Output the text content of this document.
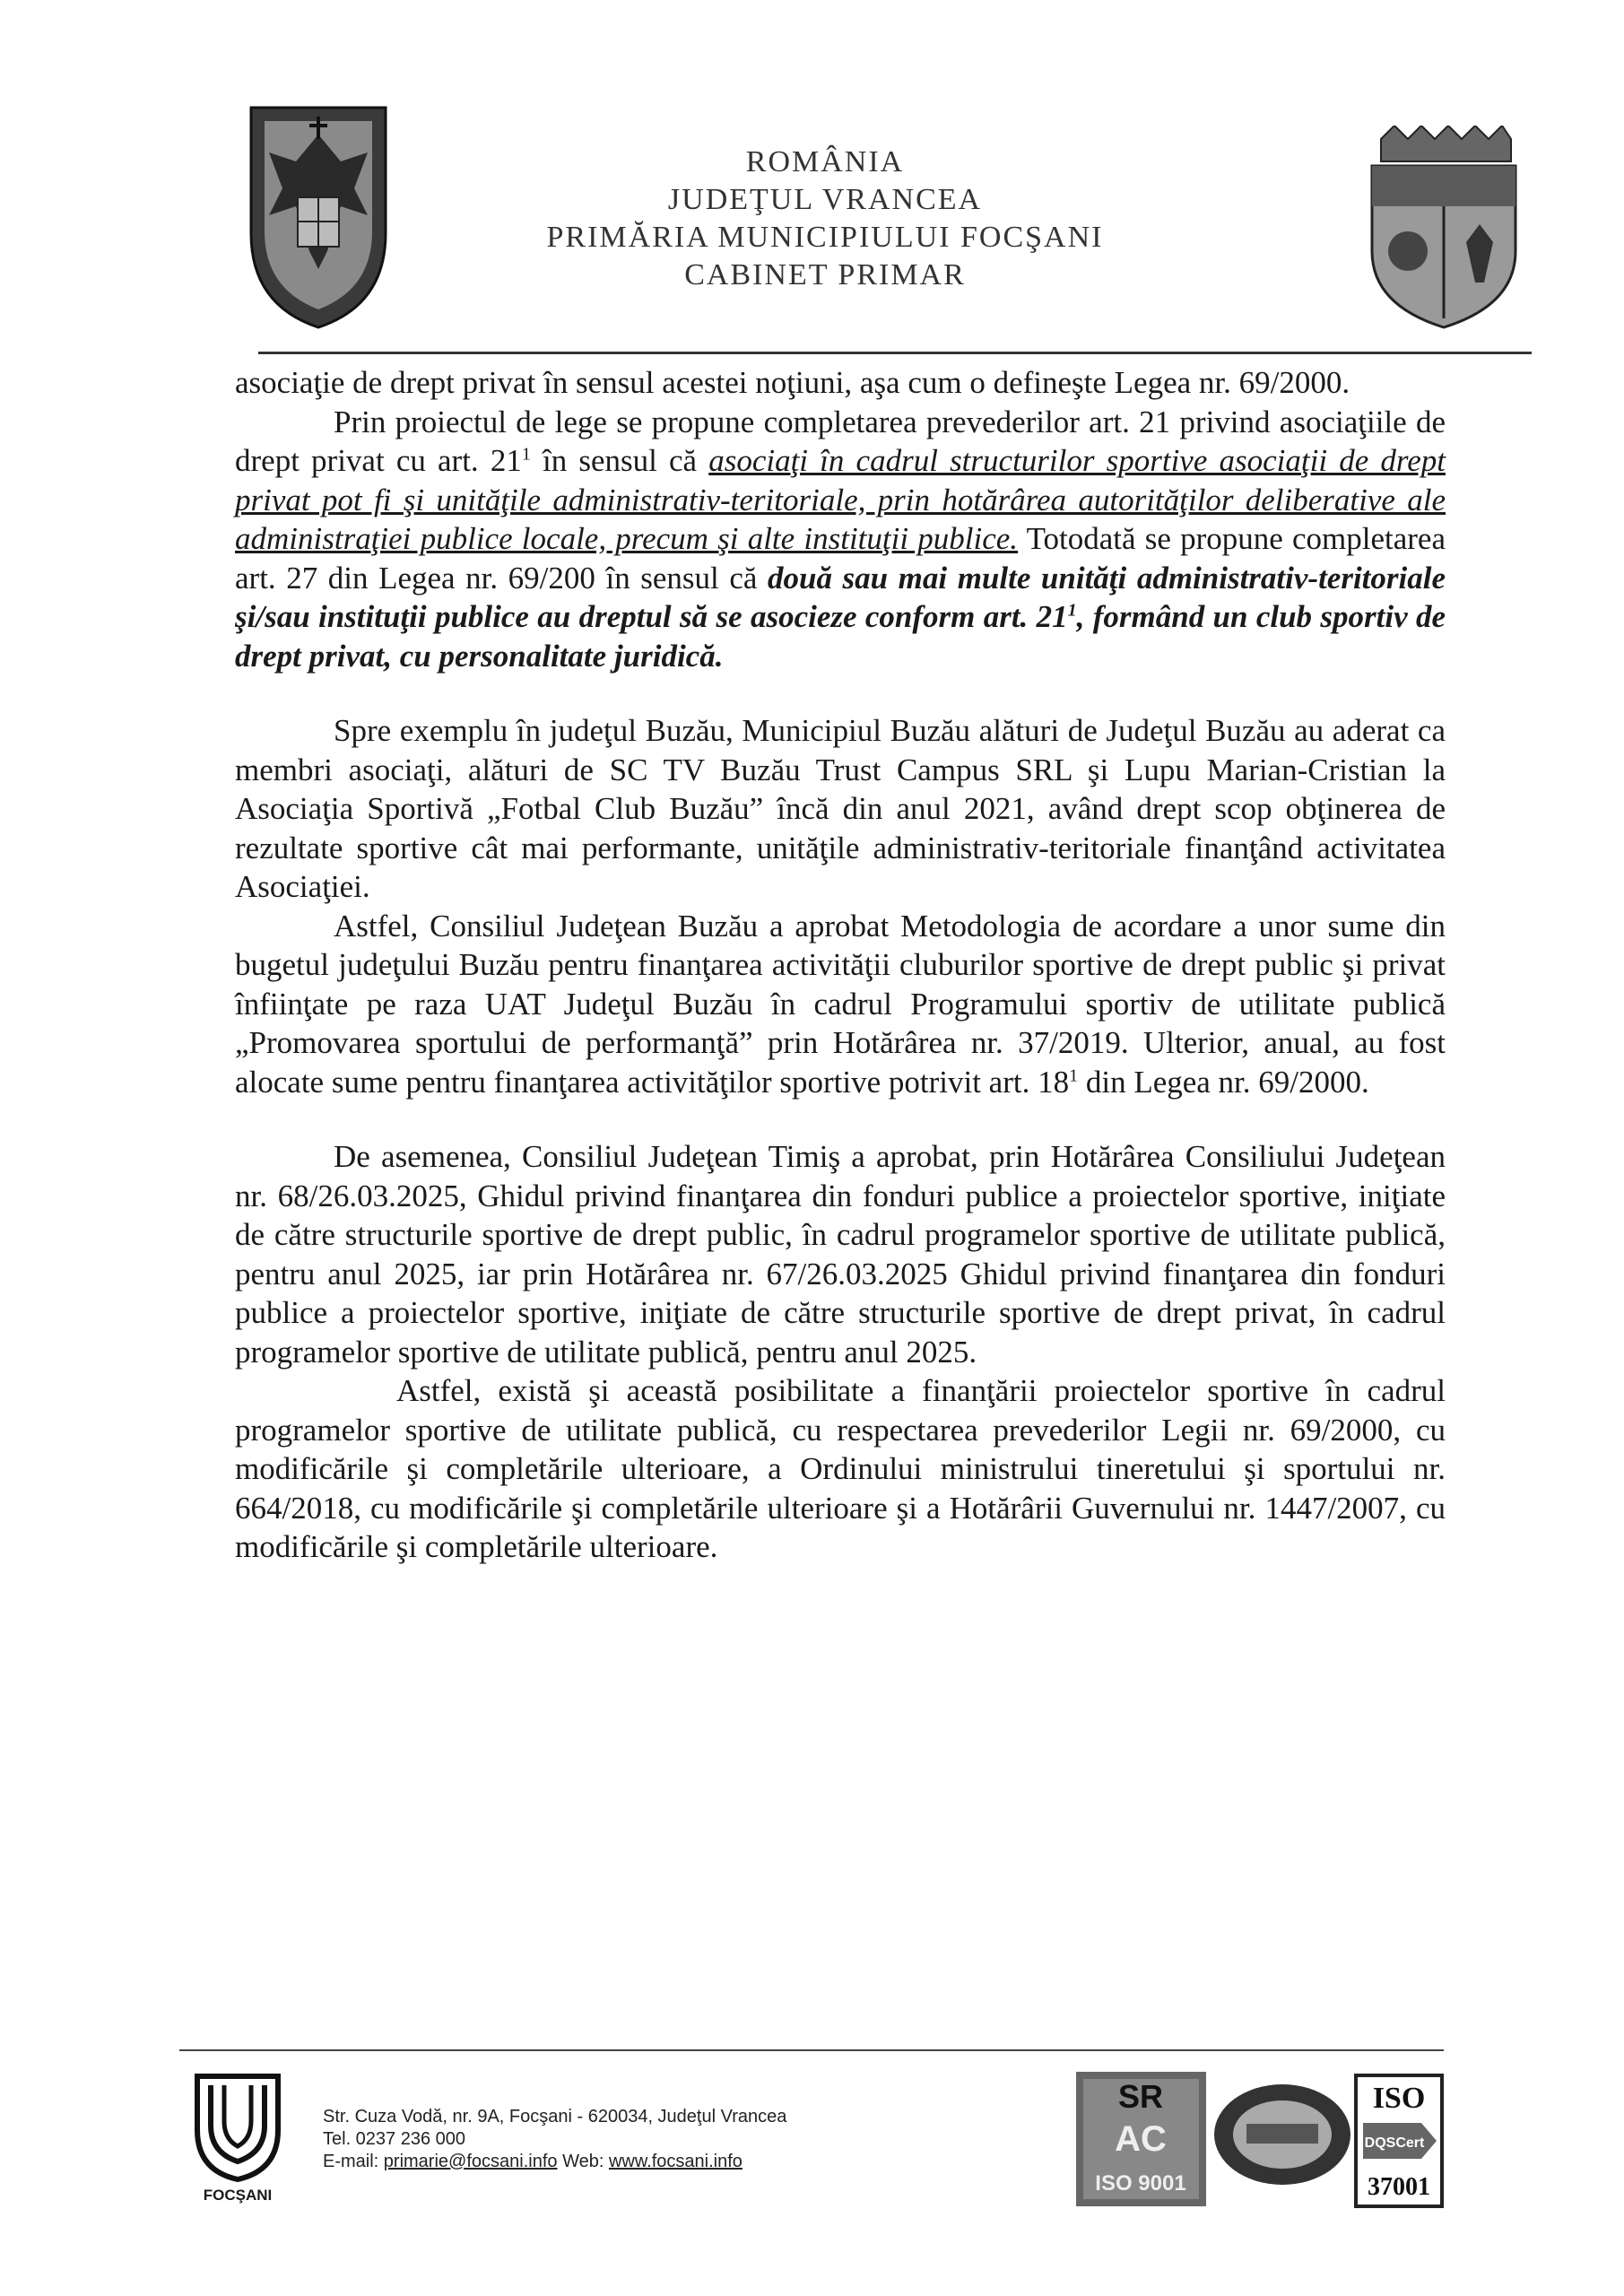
ROMÂNIA
JUDEŢUL VRANCEA
PRIMĂRIA MUNICIPIULUI FOCŞANI
CABINET PRIMAR

asociaţie de drept privat în sensul acestei noţiuni, aşa cum o defineşte Legea nr. 69/2000.

Prin proiectul de lege se propune completarea prevederilor art. 21 privind asociaţiile de drept privat cu art. $21^1$ în sensul că asociaţi în cadrul structurilor sportive asociaţii de drept privat pot fi şi unităţile administrativ-teritoriale, prin hotărârea autorităţilor deliberative ale administraţiei publice locale, precum şi alte instituţii publice. Totodată se propune completarea art. 27 din Legea nr. 69/200 în sensul că două sau mai multe unităţi administrativ-teritoriale şi/sau instituţii publice au dreptul să se asocieze conform art. $21^1$, formând un club sportiv de drept privat, cu personalitate juridică.

Spre exemplu în judeţul Buzău, Municipiul Buzău alături de Judeţul Buzău au aderat ca membri asociaţi, alături de SC TV Buzău Trust Campus SRL şi Lupu Marian-Cristian la Asociaţia Sportivă „Fotbal Club Buzău” încă din anul 2021, având drept scop obţinerea de rezultate sportive cât mai performante, unităţile administrativ-teritoriale finanţând activitatea Asociaţiei.

Astfel, Consiliul Judeţean Buzău a aprobat Metodologia de acordare a unor sume din bugetul judeţului Buzău pentru finanţarea activităţii cluburilor sportive de drept public şi privat înfiinţate pe raza UAT Judeţul Buzău în cadrul Programului sportiv de utilitate publică „Promovarea sportului de performanţă” prin Hotărârea nr. 37/2019. Ulterior, anual, au fost alocate sume pentru finanţarea activităţilor sportive potrivit art. $18^1$ din Legea nr. 69/2000.

De asemenea, Consiliul Judeţean Timiş a aprobat, prin Hotărârea Consiliului Judeţean nr. 68/26.03.2025, Ghidul privind finanţarea din fonduri publice a proiectelor sportive, iniţiate de către structurile sportive de drept public, în cadrul programelor sportive de utilitate publică, pentru anul 2025, iar prin Hotărârea nr. 67/26.03.2025 Ghidul privind finanţarea din fonduri publice a proiectelor sportive, iniţiate de către structurile sportive de drept privat, în cadrul programelor sportive de utilitate publică, pentru anul 2025.

Astfel, există şi această posibilitate a finanţării proiectelor sportive în cadrul programelor sportive de utilitate publică, cu respectarea prevederilor Legii nr. 69/2000, cu modificările şi completările ulterioare, a Ordinului ministrului tineretului şi sportului nr. 664/2018, cu modificările şi completările ulterioare şi a Hotărârii Guvernului nr. 1447/2007, cu modificările şi completările ulterioare.

FOCŞANI
Str. Cuza Vodă, nr. 9A, Focşani - 620034, Judeţul Vrancea
Tel. 0237 236 000
E-mail: primarie@focsani.info Web: www.focsani.info
SR
AC
ISO 9001
ISO
DQSCert
37001
